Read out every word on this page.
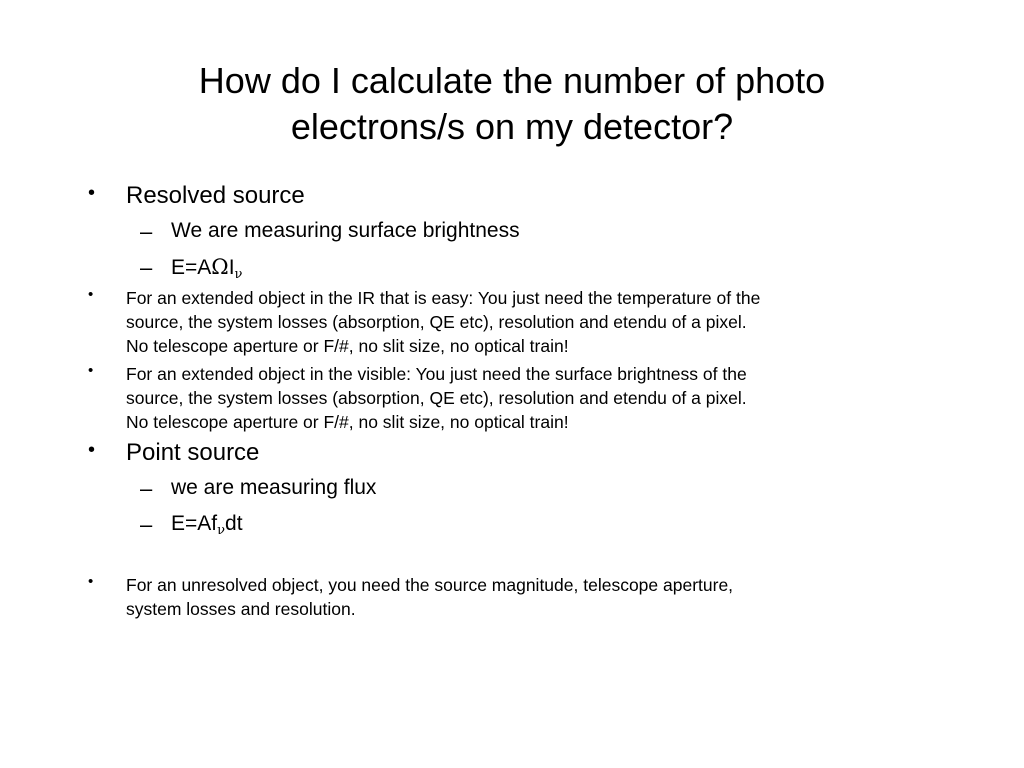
How do I calculate the number of photo
electrons/s on my detector?
• Resolved source
– We are measuring surface brightness
– $E=A\Omega I_\nu$
• For an extended object in the IR that is easy: You just need the temperature of the
source, the system losses (absorption, QE etc), resolution and etendu of a pixel.
No telescope aperture or F/#, no slit size, no optical train!
• For an extended object in the visible: You just need the surface brightness of the
source, the system losses (absorption, QE etc), resolution and etendu of a pixel.
No telescope aperture or F/#, no slit size, no optical train!
• Point source
– we are measuring flux
– $E=Af_\nu dt$
• For an unresolved object, you need the source magnitude, telescope aperture,
system losses and resolution.
